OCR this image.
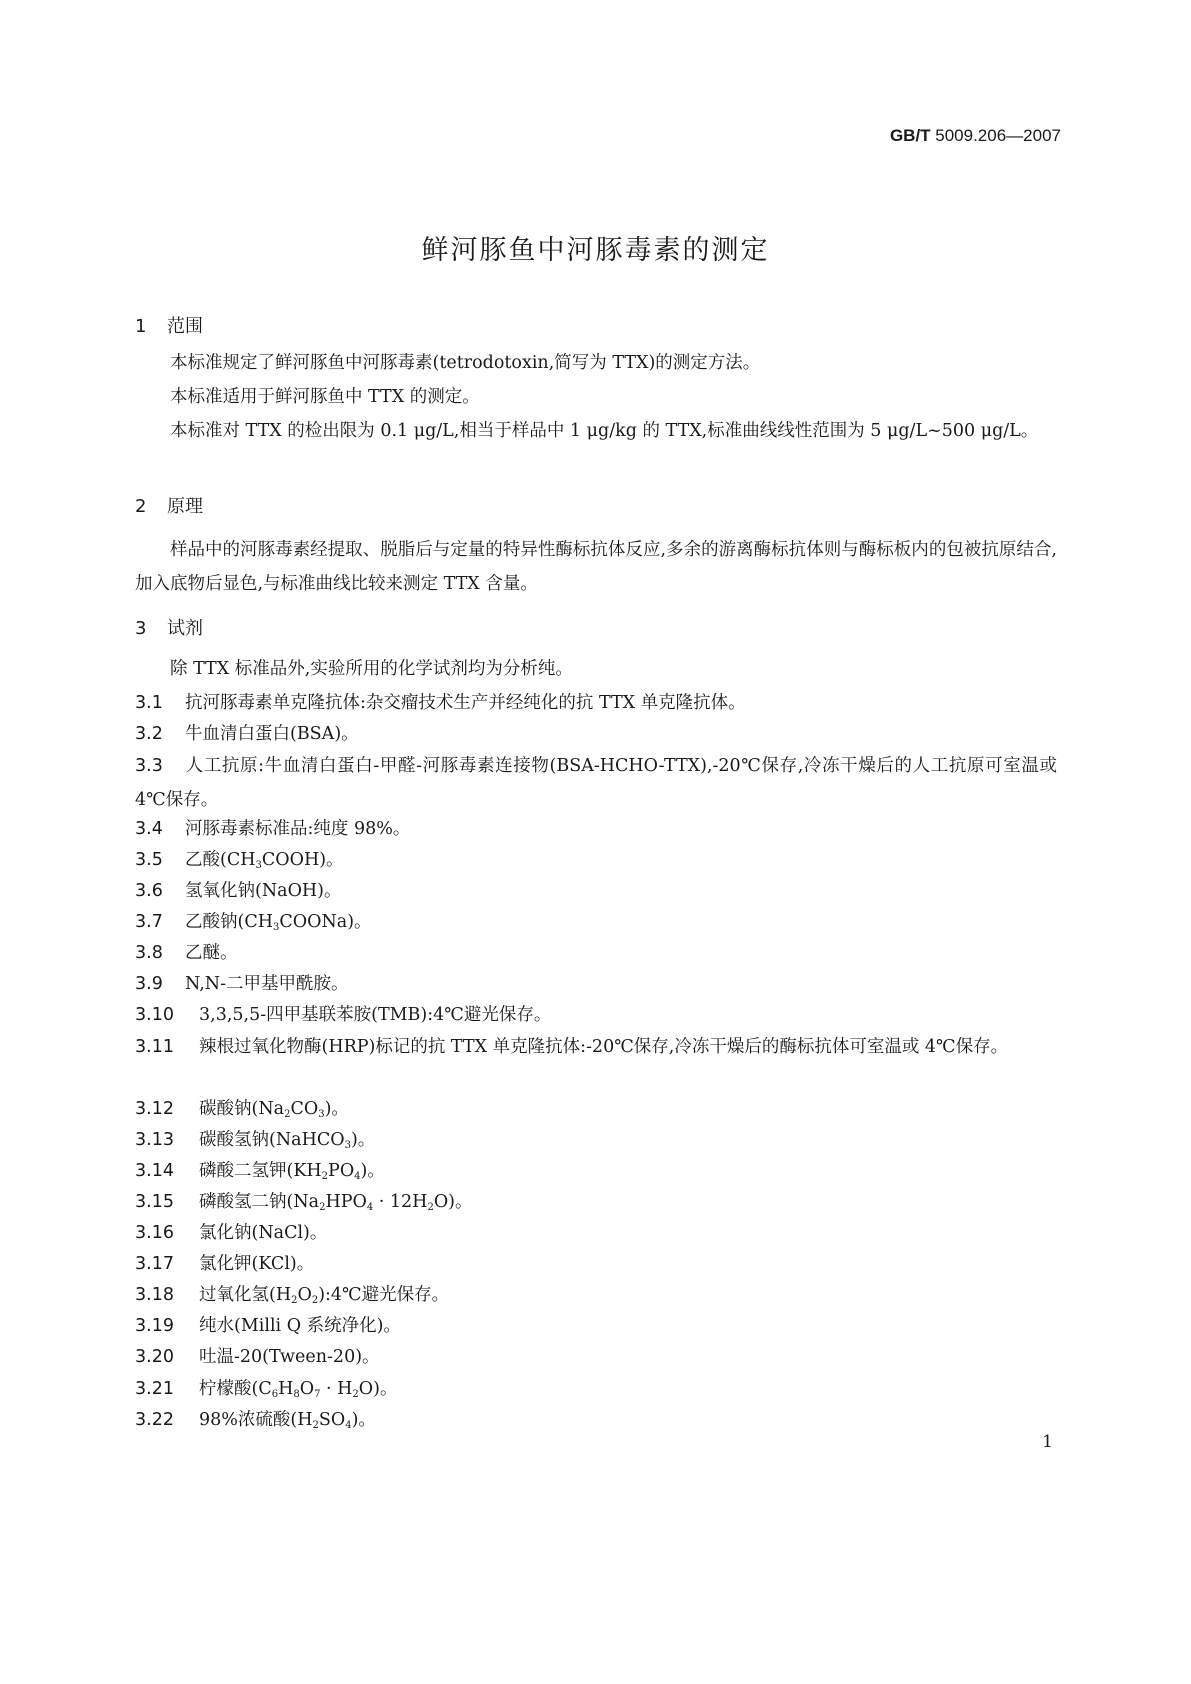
GB/T 5009.206—2007
鲜河豚鱼中河豚毒素的测定
1 范围
本标准规定了鲜河豚鱼中河豚毒素(tetrodotoxin,简写为 TTX)的测定方法。
本标准适用于鲜河豚鱼中 TTX 的测定。
本标准对 TTX 的检出限为 0.1 μg/L,相当于样品中 1 μg/kg 的 TTX,标准曲线线性范围为 5 μg/L~500 μg/L。
2 原理
样品中的河豚毒素经提取、脱脂后与定量的特异性酶标抗体反应,多余的游离酶标抗体则与酶标板内的包被抗原结合,加入底物后显色,与标准曲线比较来测定 TTX 含量。
3 试剂
除 TTX 标准品外,实验所用的化学试剂均为分析纯。
3.1 抗河豚毒素单克隆抗体:杂交瘤技术生产并经纯化的抗 TTX 单克隆抗体。
3.2 牛血清白蛋白(BSA)。
3.3 人工抗原:牛血清白蛋白-甲醛-河豚毒素连接物(BSA-HCHO-TTX),-20℃保存,冷冻干燥后的人工抗原可室温或 4℃保存。
3.4 河豚毒素标准品:纯度 98%。
3.5 乙酸$(CH_3COOH)$。
3.6 氢氧化钠(NaOH)。
3.7 乙酸钠$(CH_3COONa)$。
3.8 乙醚。
3.9 N,N-二甲基甲酰胺。
3.10 3,3,5,5-四甲基联苯胺(TMB):4℃避光保存。
3.11 辣根过氧化物酶(HRP)标记的抗 TTX 单克隆抗体:-20℃保存,冷冻干燥后的酶标抗体可室温或 4℃保存。
3.12 碳酸钠$(Na_2CO_3)$。
3.13 碳酸氢钠(NaHCO$_3$)。
3.14 磷酸二氢钾$(KH_2PO_4)$。
3.15 磷酸氢二钠$(Na_2HPO_4 \cdot 12H_2O)$。
3.16 氯化钠(NaCl)。
3.17 氯化钾(KCl)。
3.18 过氧化氢$(H_2O_2):4℃$避光保存。
3.19 纯水(Milli Q 系统净化)。
3.20 吐温-20(Tween-20)。
3.21 柠檬酸$(C_6H_8O_7 \cdot H_2O)$。
3.22 98%浓硫酸$(H_2SO_4)$。
1
